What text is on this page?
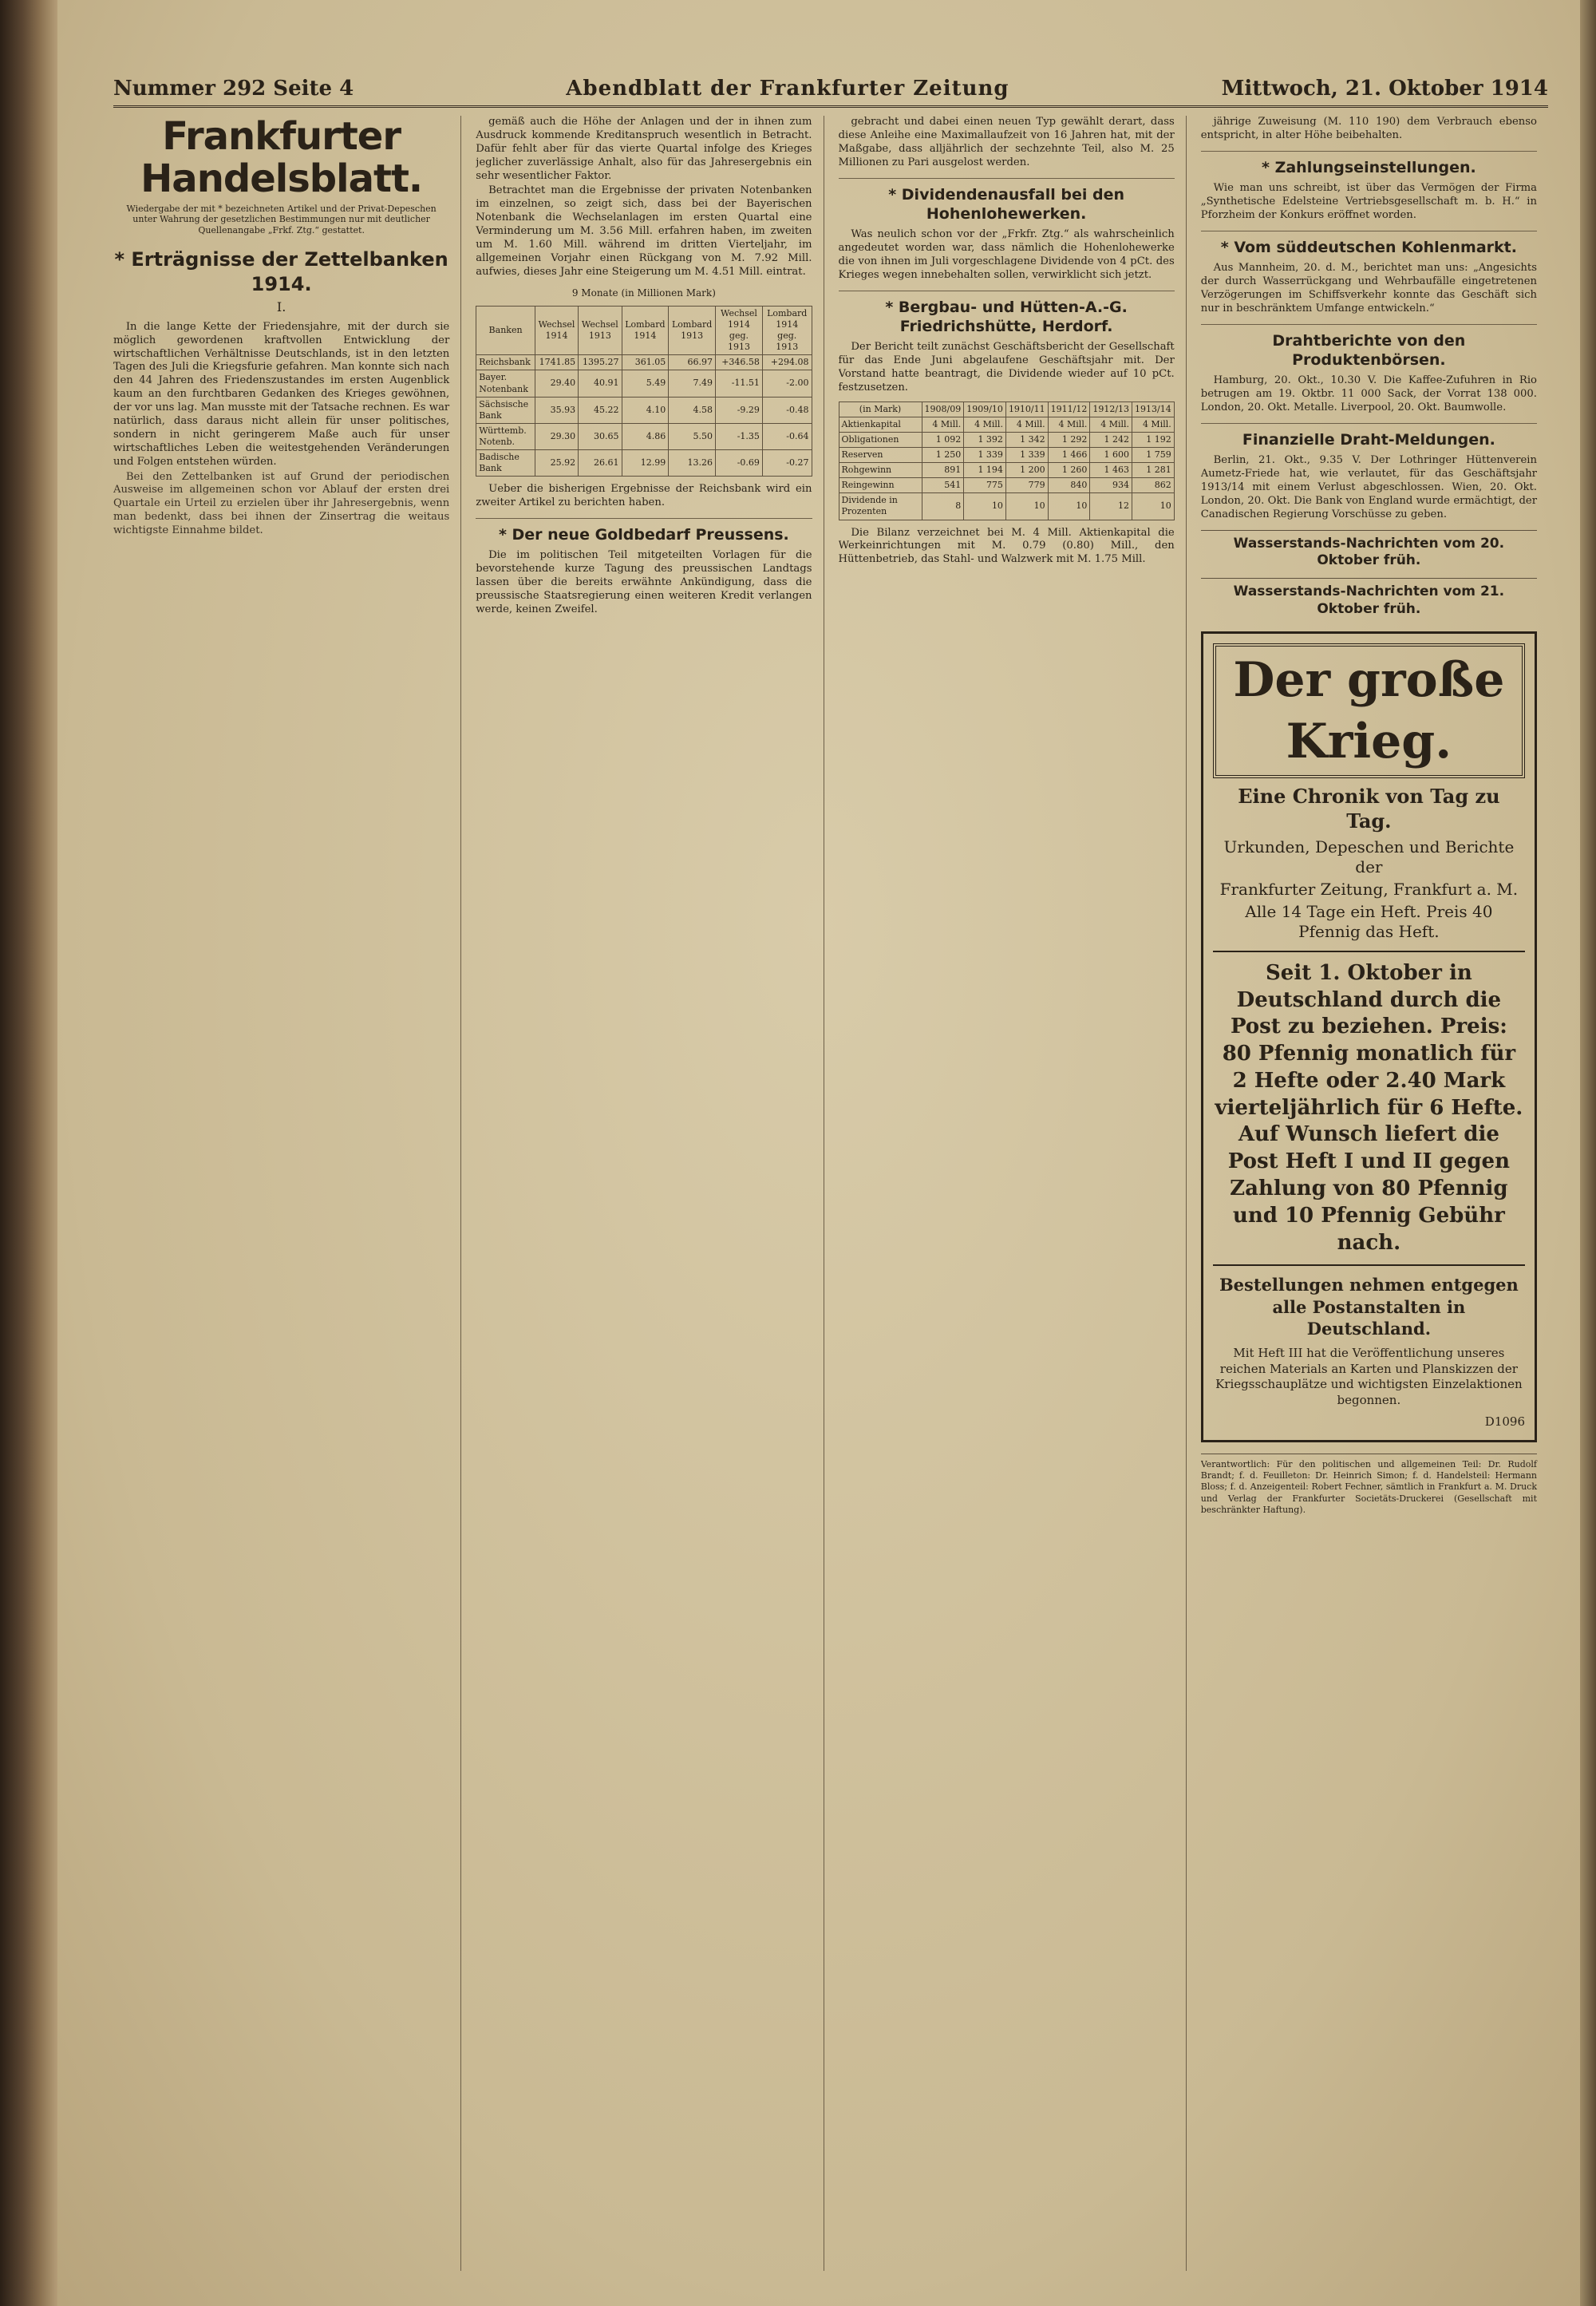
Nummer 292 Seite 4	Abendblatt der Frankfurter Zeitung	Mittwoch, 21. Oktober 1914
Frankfurter Handelsblatt.
Wiedergabe der mit * bezeichneten Artikel und der Privat-Depeschen unter Wahrung der gesetzlichen Bestimmungen nur mit deutlicher Quellenangabe „Frkf. Ztg.“ gestattet.
* Erträgnisse der Zettelbanken 1914.
I.

In die lange Kette der Friedensjahre, mit der durch sie möglich gewordenen kraftvollen Entwicklung der wirtschaftlichen Verhältnisse Deutschlands, ist in den letzten Tagen des Juli die Kriegsfurie gefahren. Man konnte sich nach den 44 Jahren des Friedenszustandes im ersten Augenblick kaum an den furchtbaren Gedanken des Krieges gewöhnen, der vor uns lag. Man musste mit der Tatsache rechnen. Es war natürlich, dass daraus nicht allein für unser politisches, sondern in nicht geringerem Maße auch für unser wirtschaftliches Leben die weitestgehenden Veränderungen und Folgen entstehen würden.

Bei den Zettelbanken ist auf Grund der periodischen Ausweise im allgemeinen schon vor Ablauf der ersten drei Quartale ein Urteil zu erzielen über ihr Jahresergebnis, wenn man bedenkt, dass bei ihnen der Zinsertrag die weitaus wichtigste Einnahme bildet.

gemäß auch die Höhe der Anlagen und der in ihnen zum Ausdruck kommende Kreditanspruch wesentlich in Betracht. Dafür fehlt aber für das vierte Quartal infolge des Krieges jeglicher zuverlässige Anhalt, also für das Jahresergebnis ein sehr wesentlicher Faktor.

Betrachtet man die Ergebnisse der privaten Notenbanken im einzelnen, so zeigt sich, dass bei der Bayerischen Notenbank die Wechselanlagen im ersten Quartal eine Verminderung um M. 3.56 Mill. erfahren haben, im zweiten um M. 1.60 Mill. während im dritten Vierteljahr, im allgemeinen Vorjahr einen Rückgang von M. 7.92 Mill. aufwies, dieses Jahr eine Steigerung um M. 4.51 Mill. eintrat.

9 Monate (in Millionen Mark)
Banken	Wechsel 1914	Wechsel 1913	Lombard 1914	Lombard 1913	Wechsel 1914 geg. 1913	Lombard 1914 geg. 1913
Reichsbank	1741.85	1395.27	361.05	66.97	+346.58	+294.08
Bayer. Notenbank	29.40	40.91	5.49	7.49	-11.51	-2.00
Sächsische Bank	35.93	45.22	4.10	4.58	-9.29	-0.48
Württemb. Notenb.	29.30	30.65	4.86	5.50	-1.35	-0.64
Badische Bank	25.92	26.61	12.99	13.26	-0.69	-0.27

Ueber die bisherigen Ergebnisse der Reichsbank wird ein zweiter Artikel zu berichten haben.

* Der neue Goldbedarf Preussens.

Die im politischen Teil mitgeteilten Vorlagen für die bevorstehende kurze Tagung des preussischen Landtags lassen über die bereits erwähnte Ankündigung, dass die preussische Staatsregierung einen weiteren Kredit verlangen werde, keinen Zweifel.

gebracht und dabei einen neuen Typ gewählt derart, dass diese Anleihe eine Maximallaufzeit von 16 Jahren hat, mit der Maßgabe, dass alljährlich der sechzehnte Teil, also M. 25 Millionen zu Pari ausgelost werden.

* Dividendenausfall bei den Hohenlohewerken.

Was neulich schon vor der „Frkfr. Ztg.“ als wahrscheinlich angedeutet worden war, dass nämlich die Hohenlohewerke die von ihnen im Juli vorgeschlagene Dividende von 4 pCt. des Krieges wegen innebehalten sollen, verwirklicht sich jetzt.

* Bergbau- und Hütten-A.-G. Friedrichshütte, Herdorf.

Der Bericht teilt zunächst Geschäftsbericht der Gesellschaft für das Ende Juni abgelaufene Geschäftsjahr mit. Der Vorstand hatte beantragt, die Dividende wieder auf 10 pCt. festzusetzen.

(in Mark)	1908/09	1909/10	1910/11	1911/12	1912/13	1913/14
Aktienkapital	4 Mill.	4 Mill.	4 Mill.	4 Mill.	4 Mill.	4 Mill.
Obligationen	1 092	1 392	1 342	1 292	1 242	1 192
Reserven	1 250	1 339	1 339	1 466	1 600	1 759
Rohgewinn	891	1 194	1 200	1 260	1 463	1 281
Reingewinn	541	775	779	840	934	862
Dividende in Prozenten	8	10	10	10	12	10

Die Bilanz verzeichnet bei M. 4 Mill. Aktienkapital die Werkeinrichtungen mit M. 0.79 (0.80) Mill., den Hüttenbetrieb, das Stahl- und Walzwerk mit M. 1.75 Mill.

jährige Zuweisung (M. 110 190) dem Verbrauch ebenso entspricht, in alter Höhe beibehalten.

* Zahlungseinstellungen.

Wie man uns schreibt, ist über das Vermögen der Firma „Synthetische Edelsteine Vertriebsgesellschaft m. b. H.“ in Pforzheim der Konkurs eröffnet worden.

* Vom süddeutschen Kohlenmarkt.

Aus Mannheim, 20. d. M., berichtet man uns: „Angesichts der durch Wasserrückgang und Wehrbaufälle eingetretenen Verzögerungen im Schiffsverkehr konnte das Geschäft sich nur in beschränktem Umfange entwickeln.“

Drahtberichte von den Produktenbörsen.

Hamburg, 20. Okt., 10.30 V. Die Kaffee-Zufuhren in Rio betrugen am 19. Oktbr. 11 000 Sack, der Vorrat 138 000. London, 20. Okt. Metalle. Liverpool, 20. Okt. Baumwolle.

Finanzielle Draht-Meldungen.

Berlin, 21. Okt., 9.35 V. Der Lothringer Hüttenverein Aumetz-Friede hat, wie verlautet, für das Geschäftsjahr 1913/14 mit einem Verlust abgeschlossen. Wien, 20. Okt. London, 20. Okt. Die Bank von England wurde ermächtigt, der Canadischen Regierung Vorschüsse zu geben.

Wasserstands-Nachrichten vom 20. Oktober früh.
Wasserstands-Nachrichten vom 21. Oktober früh.
Der große Krieg.
Eine Chronik von Tag zu Tag.
Urkunden, Depeschen und Berichte der
Frankfurter Zeitung, Frankfurt a. M.
Alle 14 Tage ein Heft. Preis 40 Pfennig das Heft.
Seit 1. Oktober in Deutschland durch die Post zu beziehen. Preis: 80 Pfennig monatlich für 2 Hefte oder 2.40 Mark vierteljährlich für 6 Hefte. Auf Wunsch liefert die Post Heft I und II gegen Zahlung von 80 Pfennig und 10 Pfennig Gebühr nach.
Bestellungen nehmen entgegen alle Postanstalten in Deutschland.
Mit Heft III hat die Veröffentlichung unseres reichen Materials an Karten und Planskizzen der Kriegsschauplätze und wichtigsten Einzelaktionen begonnen.
D1096
Verantwortlich: Für den politischen und allgemeinen Teil: Dr. Rudolf Brandt; f. d. Feuilleton: Dr. Heinrich Simon; f. d. Handelsteil: Hermann Bloss; f. d. Anzeigenteil: Robert Fechner, sämtlich in Frankfurt a. M. Druck und Verlag der Frankfurter Societäts-Druckerei (Gesellschaft mit beschränkter Haftung).
